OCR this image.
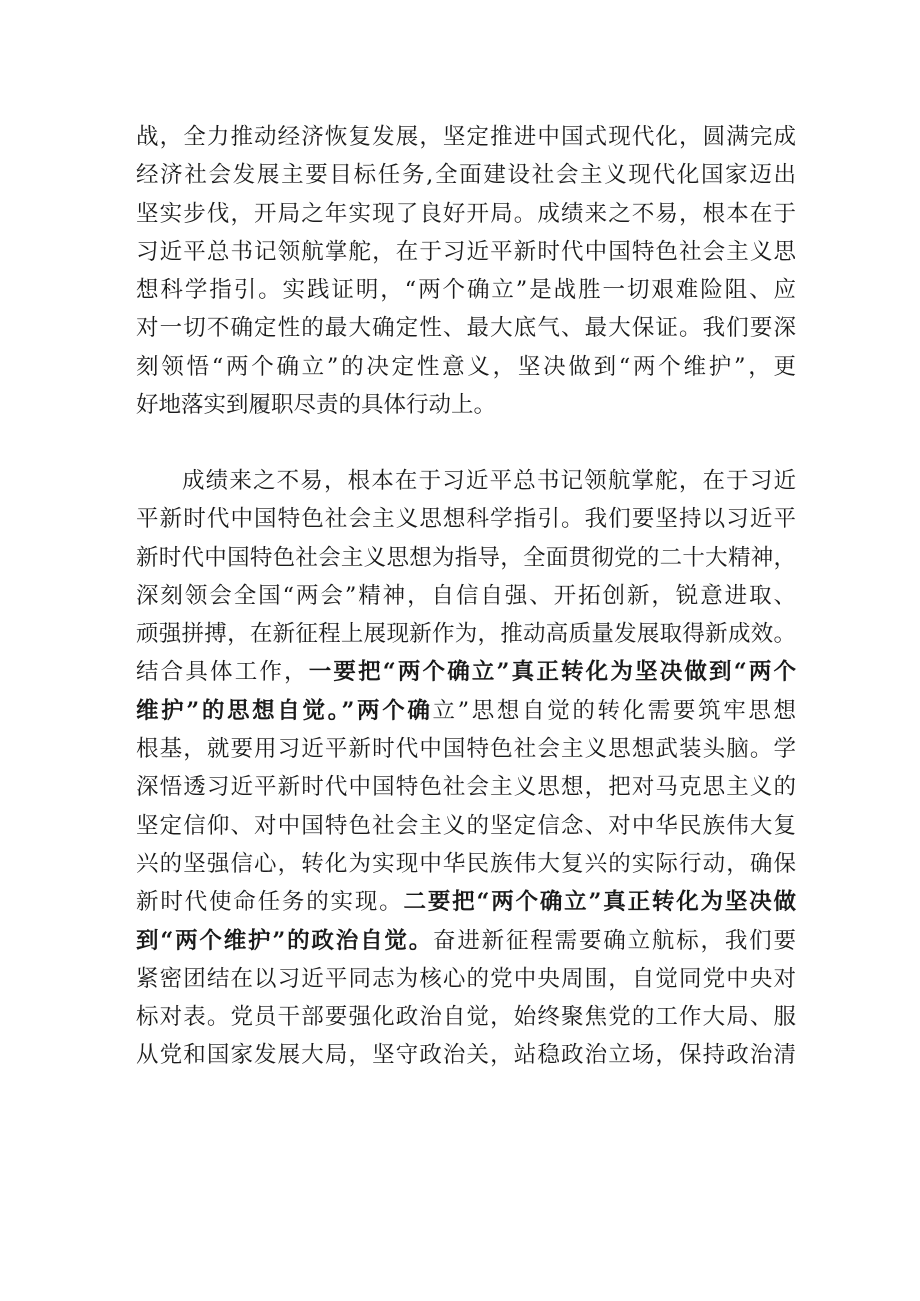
战，全力推动经济恢复发展，坚定推进中国式现代化，圆满完成
经济社会发展主要目标任务,全面建设社会主义现代化国家迈出
坚实步伐，开局之年实现了良好开局。成绩来之不易，根本在于
习近平总书记领航掌舵，在于习近平新时代中国特色社会主义思
想科学指引。实践证明，“两个确立”是战胜一切艰难险阻、应
对一切不确定性的最大确定性、最大底气、最大保证。我们要深
刻领悟“两个确立”的决定性意义，坚决做到“两个维护”，更
好地落实到履职尽责的具体行动上。
成绩来之不易，根本在于习近平总书记领航掌舵，在于习近
平新时代中国特色社会主义思想科学指引。我们要坚持以习近平
新时代中国特色社会主义思想为指导，全面贯彻党的二十大精神，
深刻领会全国“两会”精神，自信自强、开拓创新，锐意进取、
顽强拼搏，在新征程上展现新作为，推动高质量发展取得新成效。
结合具体工作，一要把“两个确立”真正转化为坚决做到“两个
维护”的思想自觉。”两个确立”思想自觉的转化需要筑牢思想
根基，就要用习近平新时代中国特色社会主义思想武装头脑。学
深悟透习近平新时代中国特色社会主义思想，把对马克思主义的
坚定信仰、对中国特色社会主义的坚定信念、对中华民族伟大复
兴的坚强信心，转化为实现中华民族伟大复兴的实际行动，确保
新时代使命任务的实现。二要把“两个确立”真正转化为坚决做
到“两个维护”的政治自觉。奋进新征程需要确立航标，我们要
紧密团结在以习近平同志为核心的党中央周围，自觉同党中央对
标对表。党员干部要强化政治自觉，始终聚焦党的工作大局、服
从党和国家发展大局，坚守政治关，站稳政治立场，保持政治清
